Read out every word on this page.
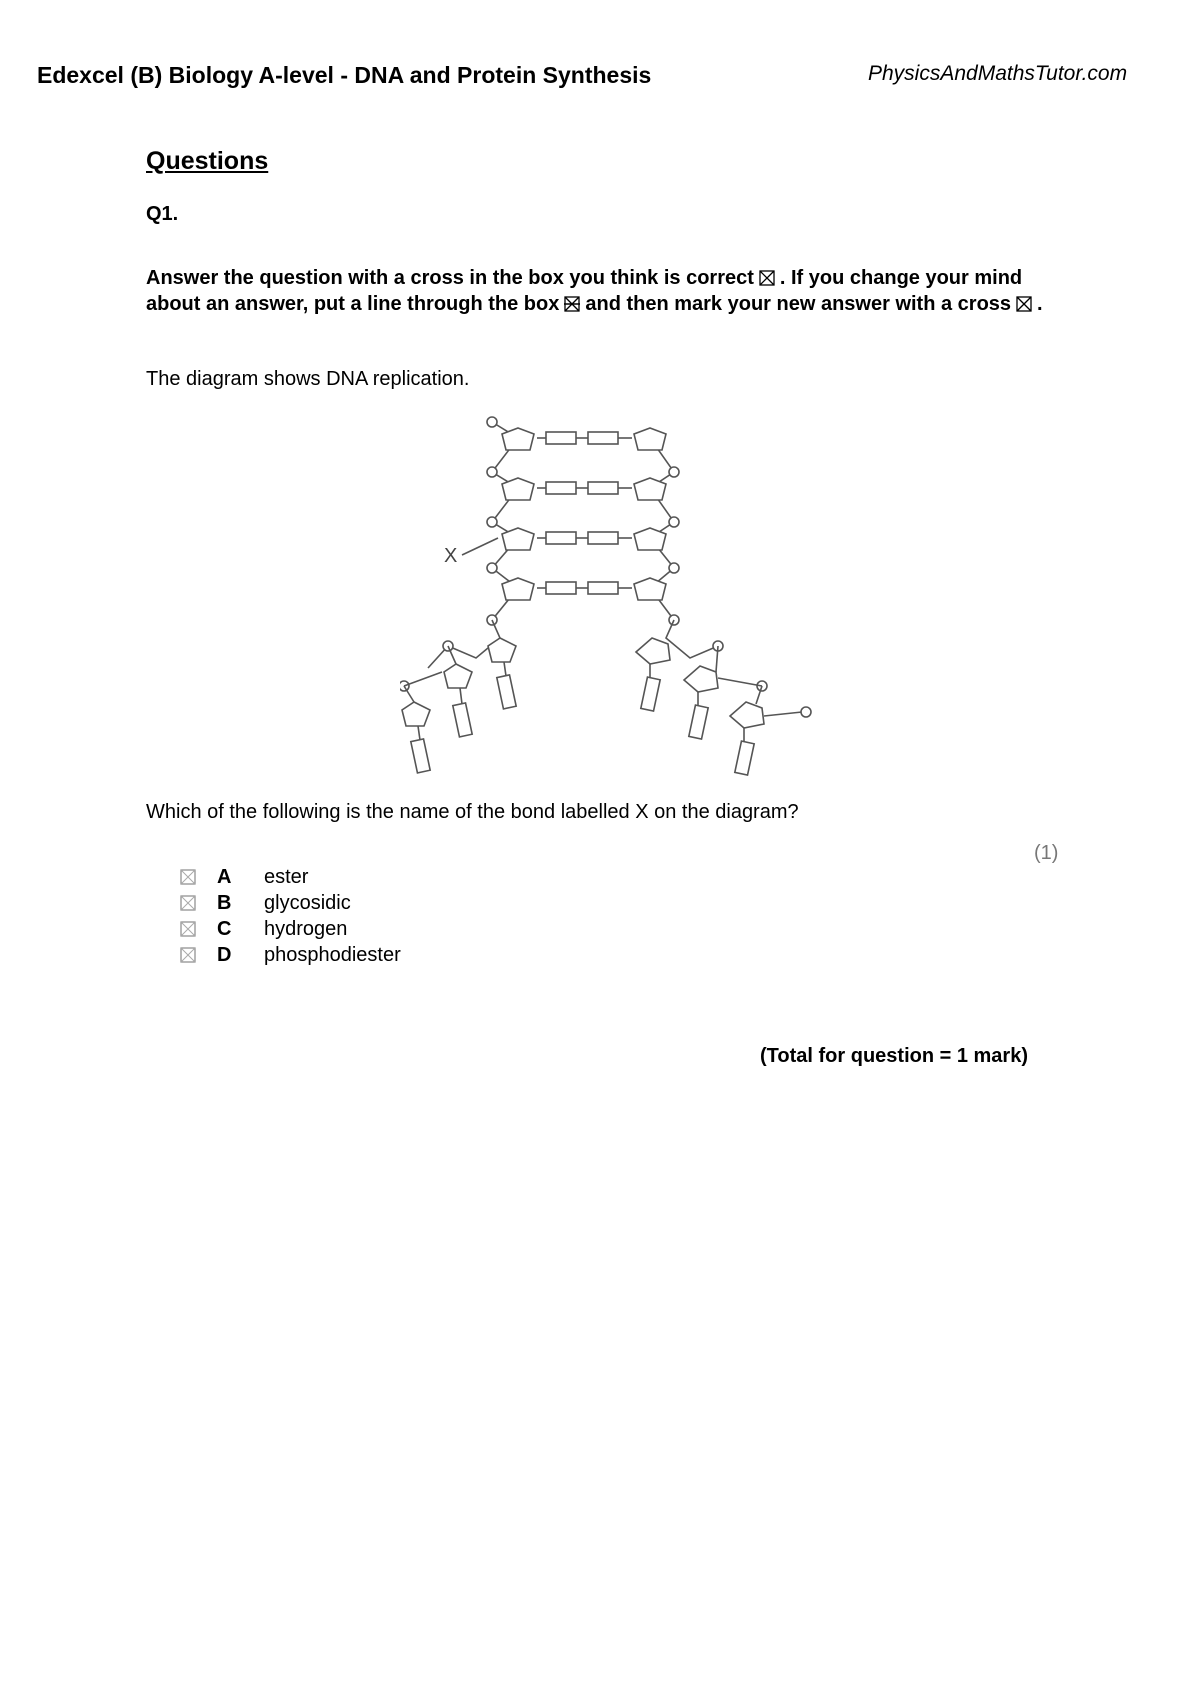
Edexcel (B) Biology A-level - DNA and Protein Synthesis	PhysicsAndMathsTutor.com
Questions
Q1.
Answer the question with a cross in the box you think is correct ☒ . If you change your mind about an answer, put a line through the box and then mark your new answer with a cross ☒ .
The diagram shows DNA replication.
X
Which of the following is the name of the bond labelled X on the diagram?
(1)
A ester
B glycosidic
C hydrogen
D phosphodiester
(Total for question = 1 mark)
